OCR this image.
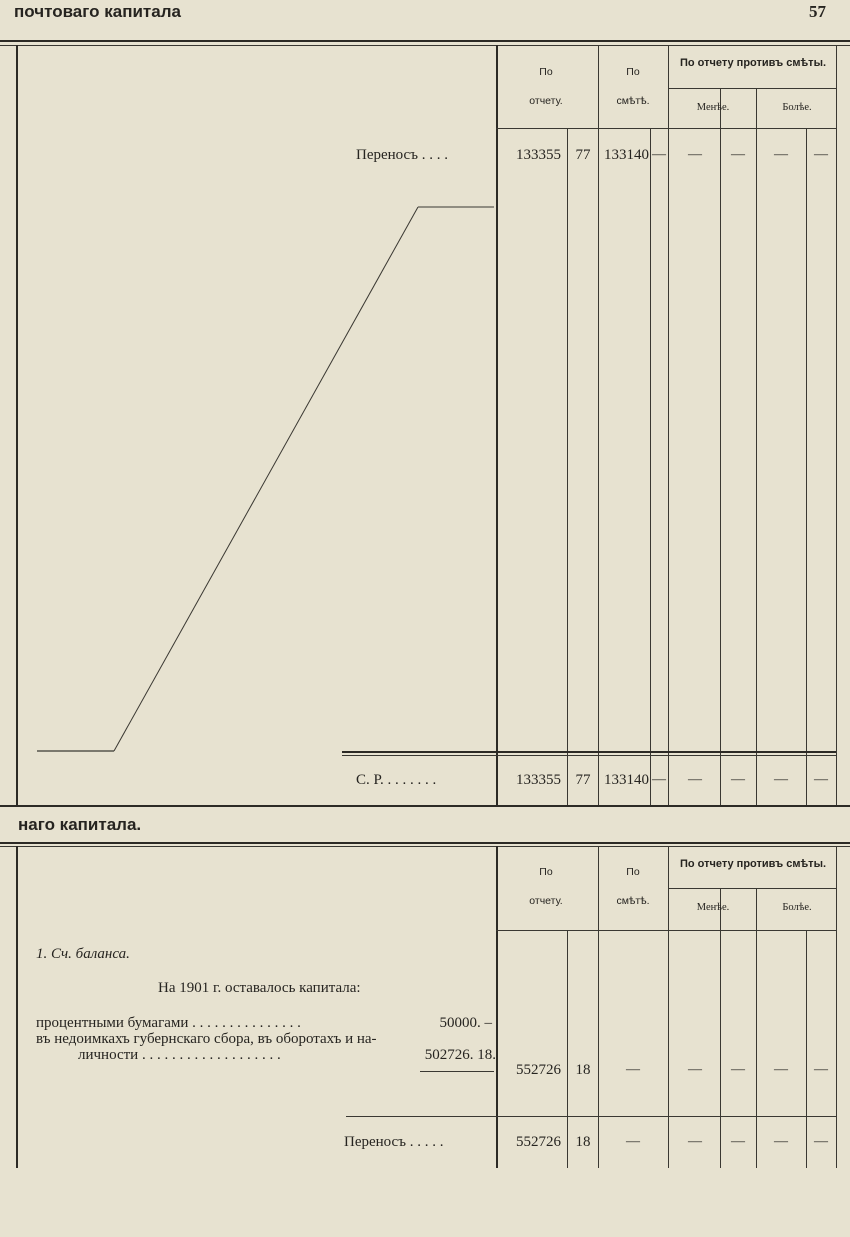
почтоваго капитала	57
По
отчету.
По
смѣтѣ.
По отчету противъ смѣты.
Менѣе.	Болѣе.
Переносъ . . . .	133355 77 133140 —	—	—	—	—
С. Р. . . . . . . .	133355 77 133140 —	—	—	—	—
наго капитала.
По
отчету.
По
смѣтѣ.
По отчету противъ смѣты.
Менѣе.	Болѣе.
1. Сч. баланса.
На 1901 г. оставалось капитала:
процентными бумагами . . . . . . . . . . . . . . .	50000. –
въ недоимкахъ губернскаго сбора, въ оборотахъ и на-
личности . . . . . . . . . . . . . . . . . . .	502726. 18.
552726 18	—	—	—	—	—
Переносъ . . . . .	552726 18	—	—	—	—	—
